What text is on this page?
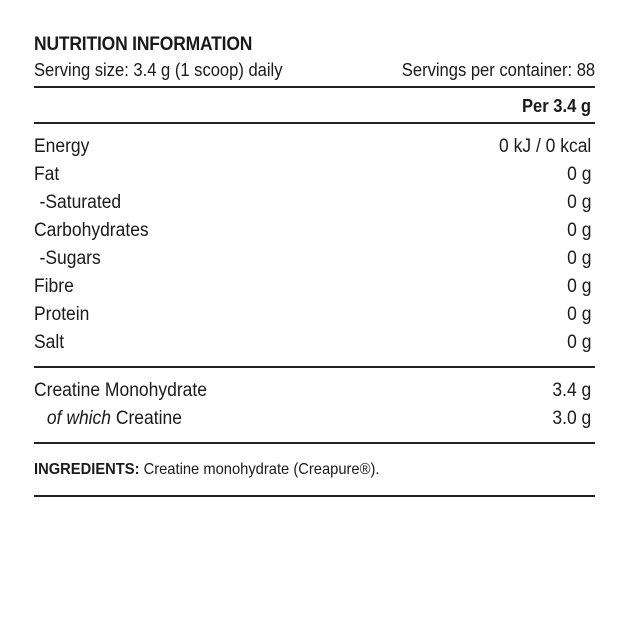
NUTRITION INFORMATION
Serving size: 3.4 g (1 scoop) daily	Servings per container: 88
Per 3.4 g
Energy	0 kJ / 0 kcal
Fat	0 g
-Saturated	0 g
Carbohydrates	0 g
-Sugars	0 g
Fibre	0 g
Protein	0 g
Salt	0 g
Creatine Monohydrate	3.4 g
of which Creatine	3.0 g
INGREDIENTS: Creatine monohydrate (Creapure®).
